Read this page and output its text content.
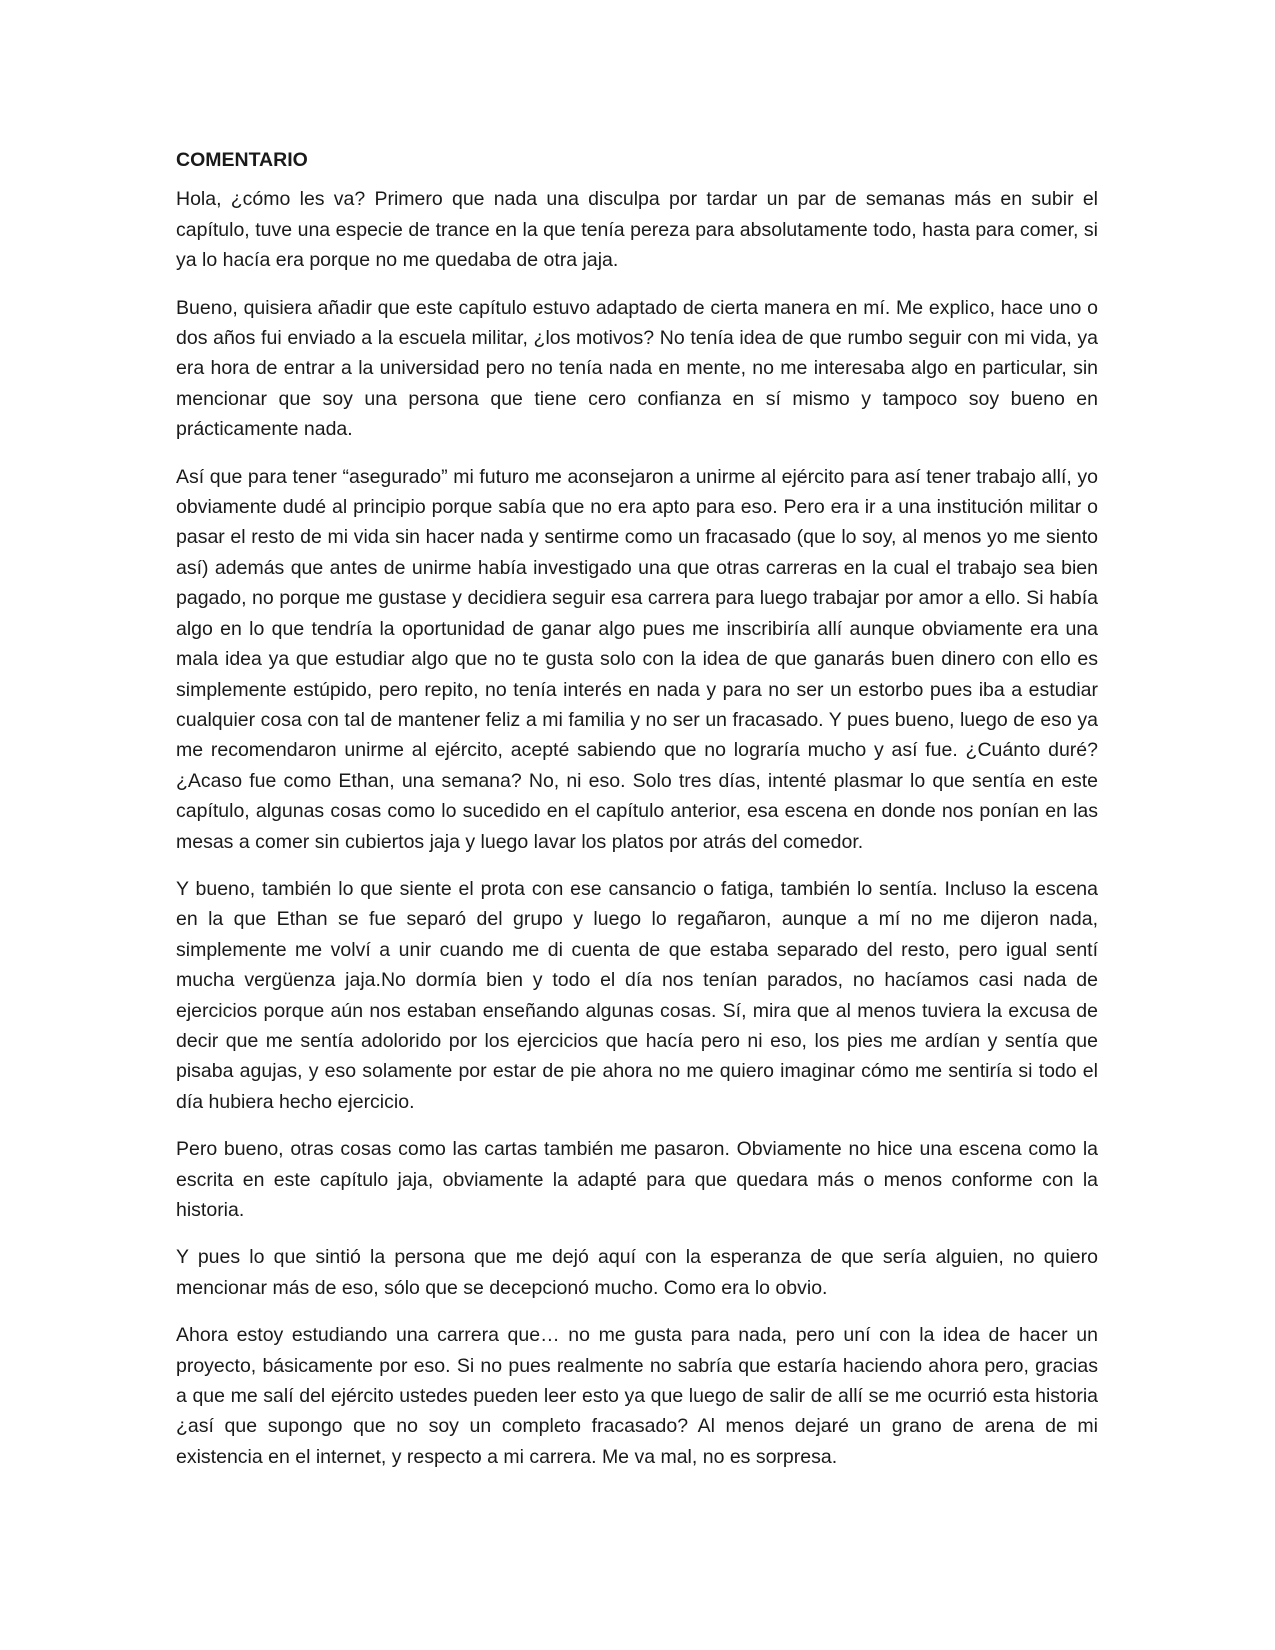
COMENTARIO

Hola, ¿cómo les va? Primero que nada una disculpa por tardar un par de semanas más en subir el capítulo, tuve una especie de trance en la que tenía pereza para absolutamente todo, hasta para comer, si ya lo hacía era porque no me quedaba de otra jaja.

Bueno, quisiera añadir que este capítulo estuvo adaptado de cierta manera en mí. Me explico, hace uno o dos años fui enviado a la escuela militar, ¿los motivos? No tenía idea de que rumbo seguir con mi vida, ya era hora de entrar a la universidad pero no tenía nada en mente, no me interesaba algo en particular, sin mencionar que soy una persona que tiene cero confianza en sí mismo y tampoco soy bueno en prácticamente nada.

Así que para tener “asegurado” mi futuro me aconsejaron a unirme al ejército para así tener trabajo allí, yo obviamente dudé al principio porque sabía que no era apto para eso. Pero era ir a una institución militar o pasar el resto de mi vida sin hacer nada y sentirme como un fracasado (que lo soy, al menos yo me siento así) además que antes de unirme había investigado una que otras carreras en la cual el trabajo sea bien pagado, no porque me gustase y decidiera seguir esa carrera para luego trabajar por amor a ello. Si había algo en lo que tendría la oportunidad de ganar algo pues me inscribiría allí aunque obviamente era una mala idea ya que estudiar algo que no te gusta solo con la idea de que ganarás buen dinero con ello es simplemente estúpido, pero repito, no tenía interés en nada y para no ser un estorbo pues iba a estudiar cualquier cosa con tal de mantener feliz a mi familia y no ser un fracasado. Y pues bueno, luego de eso ya me recomendaron unirme al ejército, acepté sabiendo que no lograría mucho y así fue. ¿Cuánto duré? ¿Acaso fue como Ethan, una semana? No, ni eso. Solo tres días, intenté plasmar lo que sentía en este capítulo, algunas cosas como lo sucedido en el capítulo anterior, esa escena en donde nos ponían en las mesas a comer sin cubiertos jaja y luego lavar los platos por atrás del comedor.

Y bueno, también lo que siente el prota con ese cansancio o fatiga, también lo sentía. Incluso la escena en la que Ethan se fue separó del grupo y luego lo regañaron, aunque a mí no me dijeron nada, simplemente me volví a unir cuando me di cuenta de que estaba separado del resto, pero igual sentí mucha vergüenza jaja.No dormía bien y todo el día nos tenían parados, no hacíamos casi nada de ejercicios porque aún nos estaban enseñando algunas cosas. Sí, mira que al menos tuviera la excusa de decir que me sentía adolorido por los ejercicios que hacía pero ni eso, los pies me ardían y sentía que pisaba agujas, y eso solamente por estar de pie ahora no me quiero imaginar cómo me sentiría si todo el día hubiera hecho ejercicio.

Pero bueno, otras cosas como las cartas también me pasaron. Obviamente no hice una escena como la escrita en este capítulo jaja, obviamente la adapté para que quedara más o menos conforme con la historia.

Y pues lo que sintió la persona que me dejó aquí con la esperanza de que sería alguien, no quiero mencionar más de eso, sólo que se decepcionó mucho. Como era lo obvio.

Ahora estoy estudiando una carrera que… no me gusta para nada, pero uní con la idea de hacer un proyecto, básicamente por eso. Si no pues realmente no sabría que estaría haciendo ahora pero, gracias a que me salí del ejército ustedes pueden leer esto ya que luego de salir de allí se me ocurrió esta historia ¿así que supongo que no soy un completo fracasado? Al menos dejaré un grano de arena de mi existencia en el internet, y respecto a mi carrera. Me va mal, no es sorpresa.
